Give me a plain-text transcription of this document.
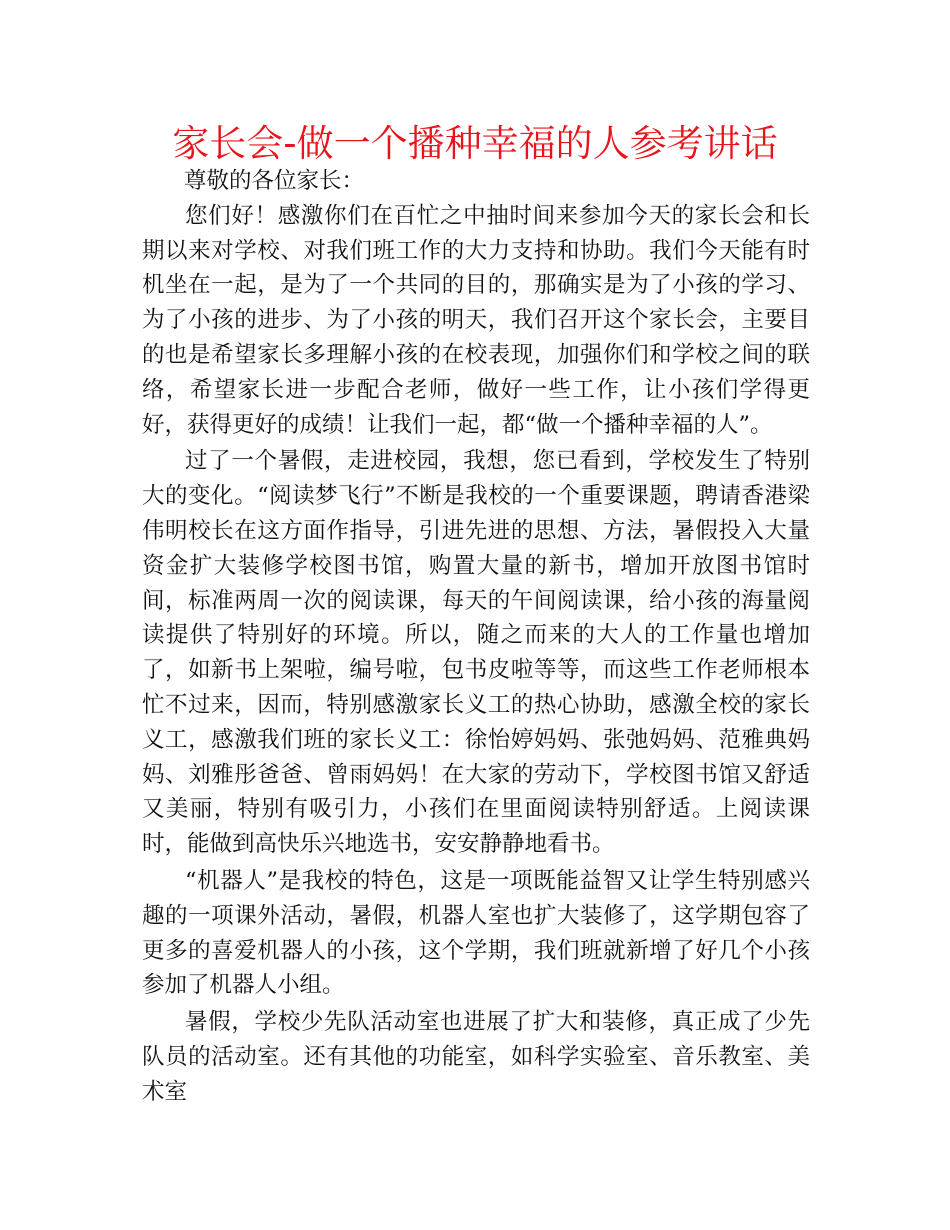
家长会-做一个播种幸福的人参考讲话

尊敬的各位家长：

您们好！感激你们在百忙之中抽时间来参加今天的家长会和长期以来对学校、对我们班工作的大力支持和协助。我们今天能有时机坐在一起，是为了一个共同的目的，那确实是为了小孩的学习、为了小孩的进步、为了小孩的明天，我们召开这个家长会，主要目的也是希望家长多理解小孩的在校表现，加强你们和学校之间的联络，希望家长进一步配合老师，做好一些工作，让小孩们学得更好，获得更好的成绩！让我们一起，都“做一个播种幸福的人”。

过了一个暑假，走进校园，我想，您已看到，学校发生了特别大的变化。“阅读梦飞行”不断是我校的一个重要课题，聘请香港梁伟明校长在这方面作指导，引进先进的思想、方法，暑假投入大量资金扩大装修学校图书馆，购置大量的新书，增加开放图书馆时间，标准两周一次的阅读课，每天的午间阅读课，给小孩的海量阅读提供了特别好的环境。所以，随之而来的大人的工作量也增加了，如新书上架啦，编号啦，包书皮啦等等，而这些工作老师根本忙不过来，因而，特别感激家长义工的热心协助，感激全校的家长义工，感激我们班的家长义工：徐怡婷妈妈、张弛妈妈、范雅典妈妈、刘雅彤爸爸、曾雨妈妈！在大家的劳动下，学校图书馆又舒适又美丽，特别有吸引力，小孩们在里面阅读特别舒适。上阅读课时，能做到高快乐兴地选书，安安静静地看书。

“机器人”是我校的特色，这是一项既能益智又让学生特别感兴趣的一项课外活动，暑假，机器人室也扩大装修了，这学期包容了更多的喜爱机器人的小孩，这个学期，我们班就新增了好几个小孩参加了机器人小组。

暑假，学校少先队活动室也进展了扩大和装修，真正成了少先队员的活动室。还有其他的功能室，如科学实验室、音乐教室、美术室
